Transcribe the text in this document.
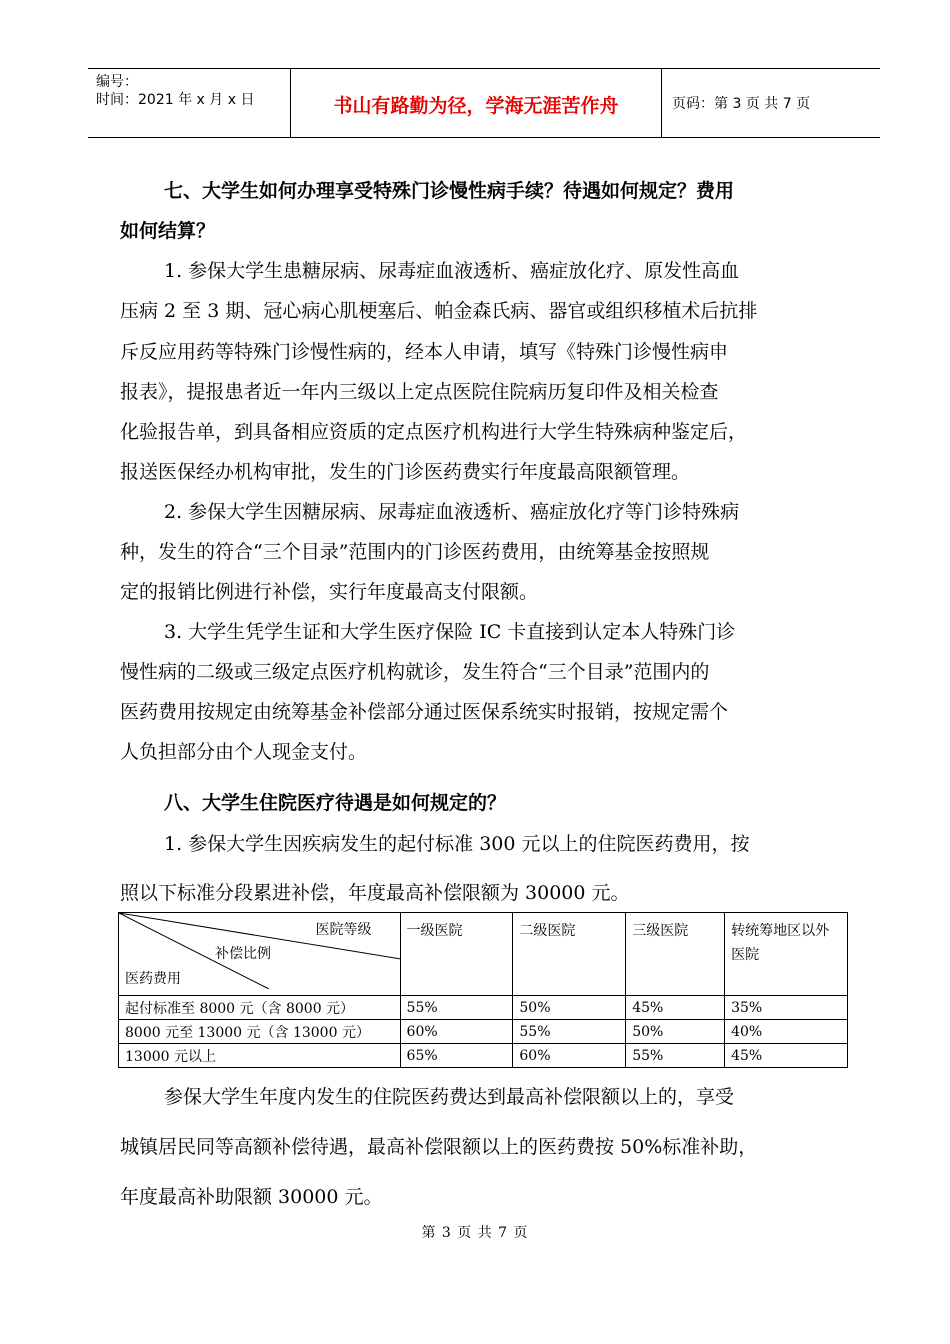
编号：
时间：2021 年 x 月 x 日	书山有路勤为径，学海无涯苦作舟	页码：第 3 页 共 7 页
七、大学生如何办理享受特殊门诊慢性病手续？待遇如何规定？费用
如何结算？
1. 参保大学生患糖尿病、尿毒症血液透析、癌症放化疗、原发性高血
压病 2 至 3 期、冠心病心肌梗塞后、帕金森氏病、器官或组织移植术后抗排
斥反应用药等特殊门诊慢性病的，经本人申请，填写《特殊门诊慢性病申
报表》，提报患者近一年内三级以上定点医院住院病历复印件及相关检查
化验报告单，到具备相应资质的定点医疗机构进行大学生特殊病种鉴定后，
报送医保经办机构审批，发生的门诊医药费实行年度最高限额管理。
2. 参保大学生因糖尿病、尿毒症血液透析、癌症放化疗等门诊特殊病
种，发生的符合“三个目录”范围内的门诊医药费用，由统筹基金按照规
定的报销比例进行补偿，实行年度最高支付限额。
3. 大学生凭学生证和大学生医疗保险 IC 卡直接到认定本人特殊门诊
慢性病的二级或三级定点医疗机构就诊，发生符合“三个目录”范围内的
医药费用按规定由统筹基金补偿部分通过医保系统实时报销，按规定需个
人负担部分由个人现金支付。
八、大学生住院医疗待遇是如何规定的？
1. 参保大学生因疾病发生的起付标准 300 元以上的住院医药费用，按
照以下标准分段累进补偿，年度最高补偿限额为 30000 元。
医院等级
补偿比例
医药费用	一级医院	二级医院	三级医院	转统筹地区以外医院
起付标准至 8000 元（含 8000 元）	55%	50%	45%	35%
8000 元至 13000 元（含 13000 元）	60%	55%	50%	40%
13000 元以上	65%	60%	55%	45%
参保大学生年度内发生的住院医药费达到最高补偿限额以上的，享受
城镇居民同等高额补偿待遇，最高补偿限额以上的医药费按 50%标准补助，
年度最高补助限额 30000 元。
第 3 页 共 7 页
